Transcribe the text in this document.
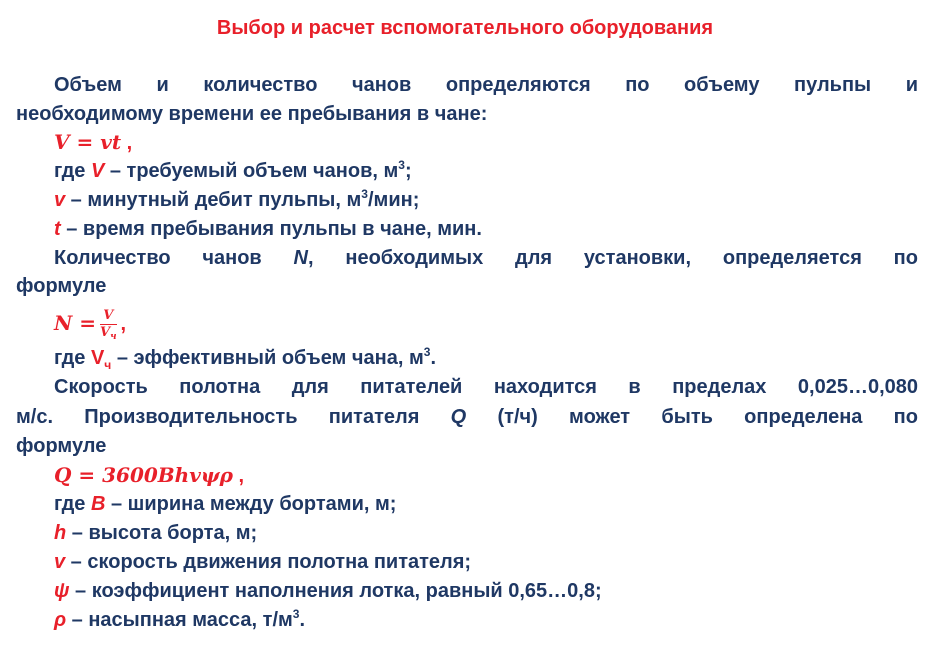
Выбор и расчет вспомогательного оборудования
Объем и количество чанов определяются по объему пульпы и
необходимому времени ее пребывания в чане:
V = vt ,
где V – требуемый объем чанов, $м^3$;
v – минутный дебит пульпы, $м^3$/мин;
t – время пребывания пульпы в чане, мин.
Количество чанов N, необходимых для установки, определяется по
формуле
$N = \frac{V}{V_ч}$ ,
где $V_ч$ – эффективный объем чана, $м^3$.
Скорость полотна для питателей находится в пределах 0,025…0,080
м/с. Производительность питателя Q (т/ч) может быть определена по
формуле
Q = 3600Bhvψρ ,
где B – ширина между бортами, м;
h – высота борта, м;
v – скорость движения полотна питателя;
ψ – коэффициент наполнения лотка, равный 0,65…0,8;
ρ – насыпная масса, $т/м^3$.
